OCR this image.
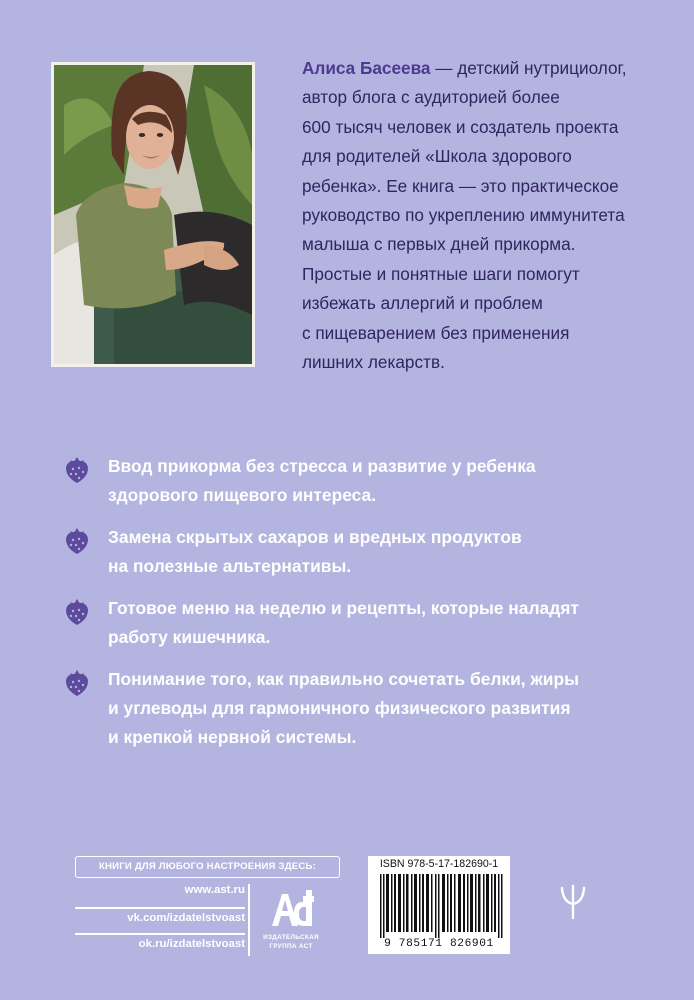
Алиса Басеева — детский нутрициолог,
автор блога с аудиторией более
600 тысяч человек и создатель проекта
для родителей «Школа здорового
ребенка». Ее книга — это практическое
руководство по укреплению иммунитета
малыша с первых дней прикорма.
Простые и понятные шаги помогут
избежать аллергий и проблем
с пищеварением без применения
лишних лекарств.
Ввод прикорма без стресса и развитие у ребенка
здорового пищевого интереса.
Замена скрытых сахаров и вредных продуктов
на полезные альтернативы.
Готовое меню на неделю и рецепты, которые наладят
работу кишечника.
Понимание того, как правильно сочетать белки, жиры
и углеводы для гармоничного физического развития
и крепкой нервной системы.
КНИГИ ДЛЯ ЛЮБОГО НАСТРОЕНИЯ ЗДЕСЬ:
www.ast.ru
vk.com/izdatelstvoast
ok.ru/izdatelstvoast
ИЗДАТЕЛЬСКАЯ
ГРУППА АСТ
ISBN 978-5-17-182690-1
9 785171 826901
